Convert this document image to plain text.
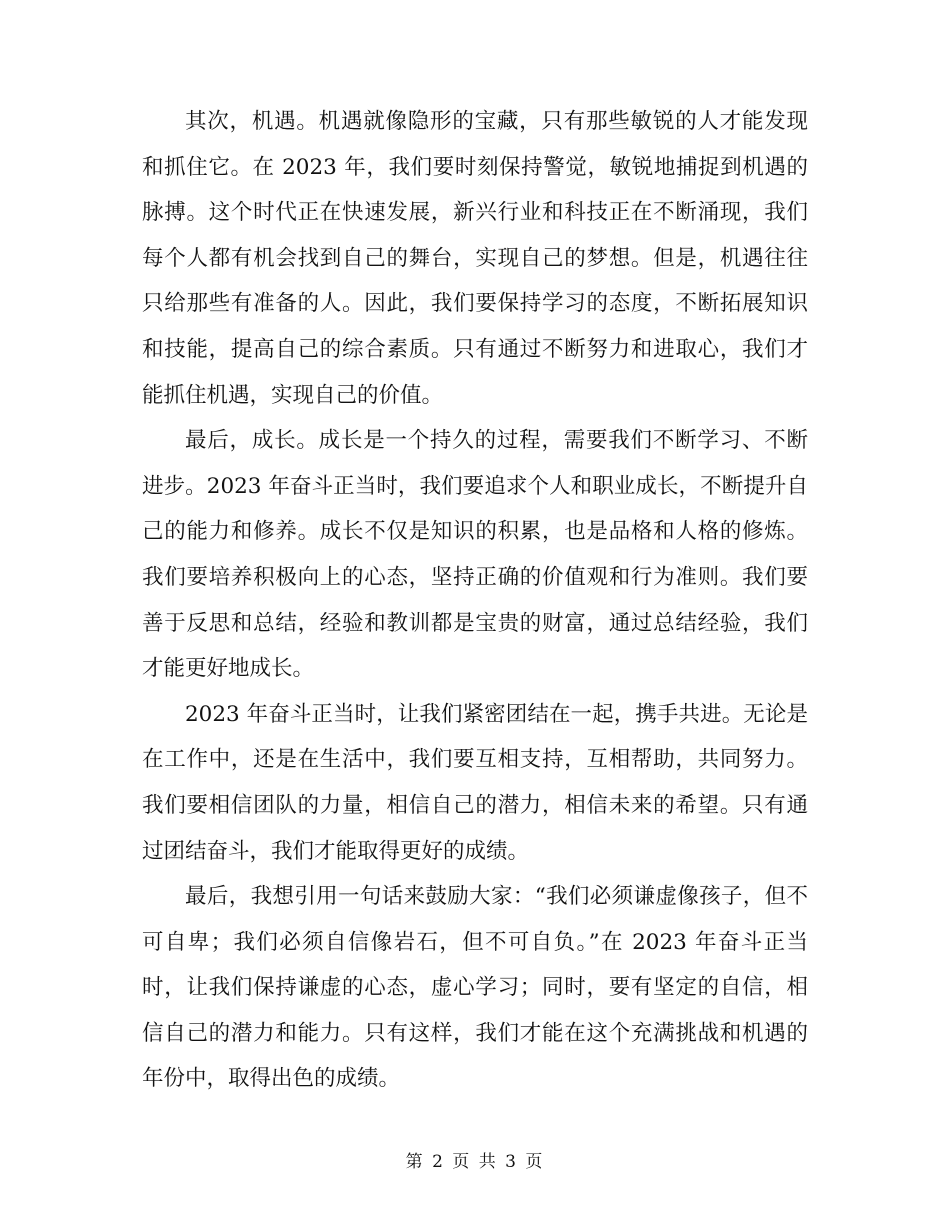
其次，机遇。机遇就像隐形的宝藏，只有那些敏锐的人才能发现和抓住它。在 2023 年，我们要时刻保持警觉，敏锐地捕捉到机遇的脉搏。这个时代正在快速发展，新兴行业和科技正在不断涌现，我们每个人都有机会找到自己的舞台，实现自己的梦想。但是，机遇往往只给那些有准备的人。因此，我们要保持学习的态度，不断拓展知识和技能，提高自己的综合素质。只有通过不断努力和进取心，我们才能抓住机遇，实现自己的价值。

最后，成长。成长是一个持久的过程，需要我们不断学习、不断进步。2023 年奋斗正当时，我们要追求个人和职业成长，不断提升自己的能力和修养。成长不仅是知识的积累，也是品格和人格的修炼。我们要培养积极向上的心态，坚持正确的价值观和行为准则。我们要善于反思和总结，经验和教训都是宝贵的财富，通过总结经验，我们才能更好地成长。

2023 年奋斗正当时，让我们紧密团结在一起，携手共进。无论是在工作中，还是在生活中，我们要互相支持，互相帮助，共同努力。我们要相信团队的力量，相信自己的潜力，相信未来的希望。只有通过团结奋斗，我们才能取得更好的成绩。

最后，我想引用一句话来鼓励大家：“我们必须谦虚像孩子，但不可自卑；我们必须自信像岩石，但不可自负。”在 2023 年奋斗正当时，让我们保持谦虚的心态，虚心学习；同时，要有坚定的自信，相信自己的潜力和能力。只有这样，我们才能在这个充满挑战和机遇的年份中，取得出色的成绩。

第 2 页 共 3 页
